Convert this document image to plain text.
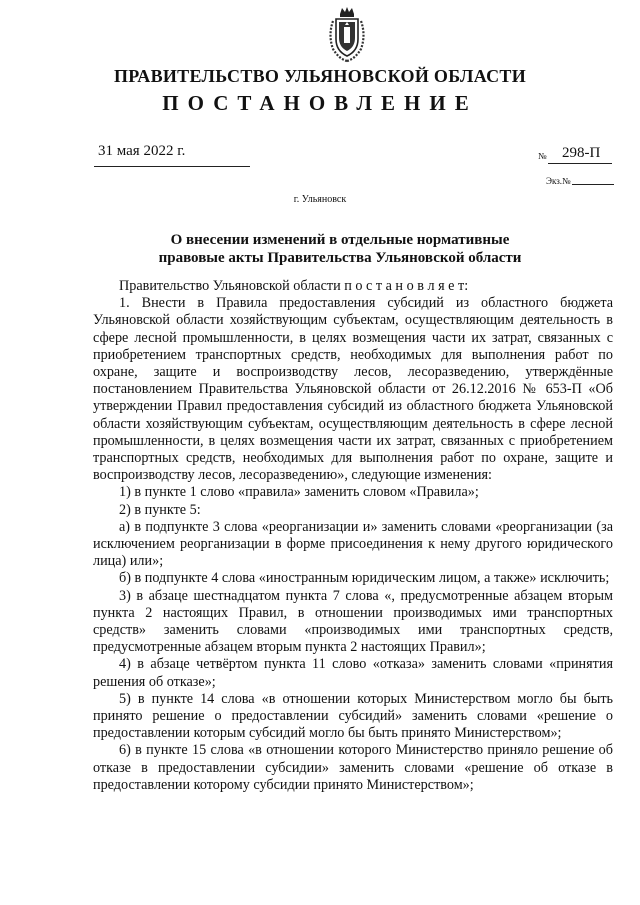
ПРАВИТЕЛЬСТВО УЛЬЯНОВСКОЙ ОБЛАСТИ
ПОСТАНОВЛЕНИЕ
31 мая 2022 г.	№ 298-П
Экз.№
г. Ульяновск
О внесении изменений в отдельные нормативные
правовые акты Правительства Ульяновской области

Правительство Ульяновской области п о с т а н о в л я е т:

1. Внести в Правила предоставления субсидий из областного бюджета Ульяновской области хозяйствующим субъектам, осуществляющим деятельность в сфере лесной промышленности, в целях возмещения части их затрат, связанных с приобретением транспортных средств, необходимых для выполнения работ по охране, защите и воспроизводству лесов, лесоразведению, утверждённые постановлением Правительства Ульяновской области от 26.12.2016 № 653-П «Об утверждении Правил предоставления субсидий из областного бюджета Ульяновской области хозяйствующим субъектам, осуществляющим деятельность в сфере лесной промышленности, в целях возмещения части их затрат, связанных с приобретением транспортных средств, необходимых для выполнения работ по охране, защите и воспроизводству лесов, лесоразведению», следующие изменения:

1) в пункте 1 слово «правила» заменить словом «Правила»;

2) в пункте 5:

а) в подпункте 3 слова «реорганизации и» заменить словами «реорганизации (за исключением реорганизации в форме присоединения к нему другого юридического лица) или»;

б) в подпункте 4 слова «иностранным юридическим лицом, а также» исключить;

3) в абзаце шестнадцатом пункта 7 слова «, предусмотренные абзацем вторым пункта 2 настоящих Правил, в отношении производимых ими транспортных средств» заменить словами «производимых ими транспортных средств, предусмотренные абзацем вторым пункта 2 настоящих Правил»;

4) в абзаце четвёртом пункта 11 слово «отказа» заменить словами «принятия решения об отказе»;

5) в пункте 14 слова «в отношении которых Министерством могло бы быть принято решение о предоставлении субсидий» заменить словами «решение о предоставлении которым субсидий могло бы быть принято Министерством»;

6) в пункте 15 слова «в отношении которого Министерство приняло решение об отказе в предоставлении субсидии» заменить словами «решение об отказе в предоставлении которому субсидии принято Министерством»;
